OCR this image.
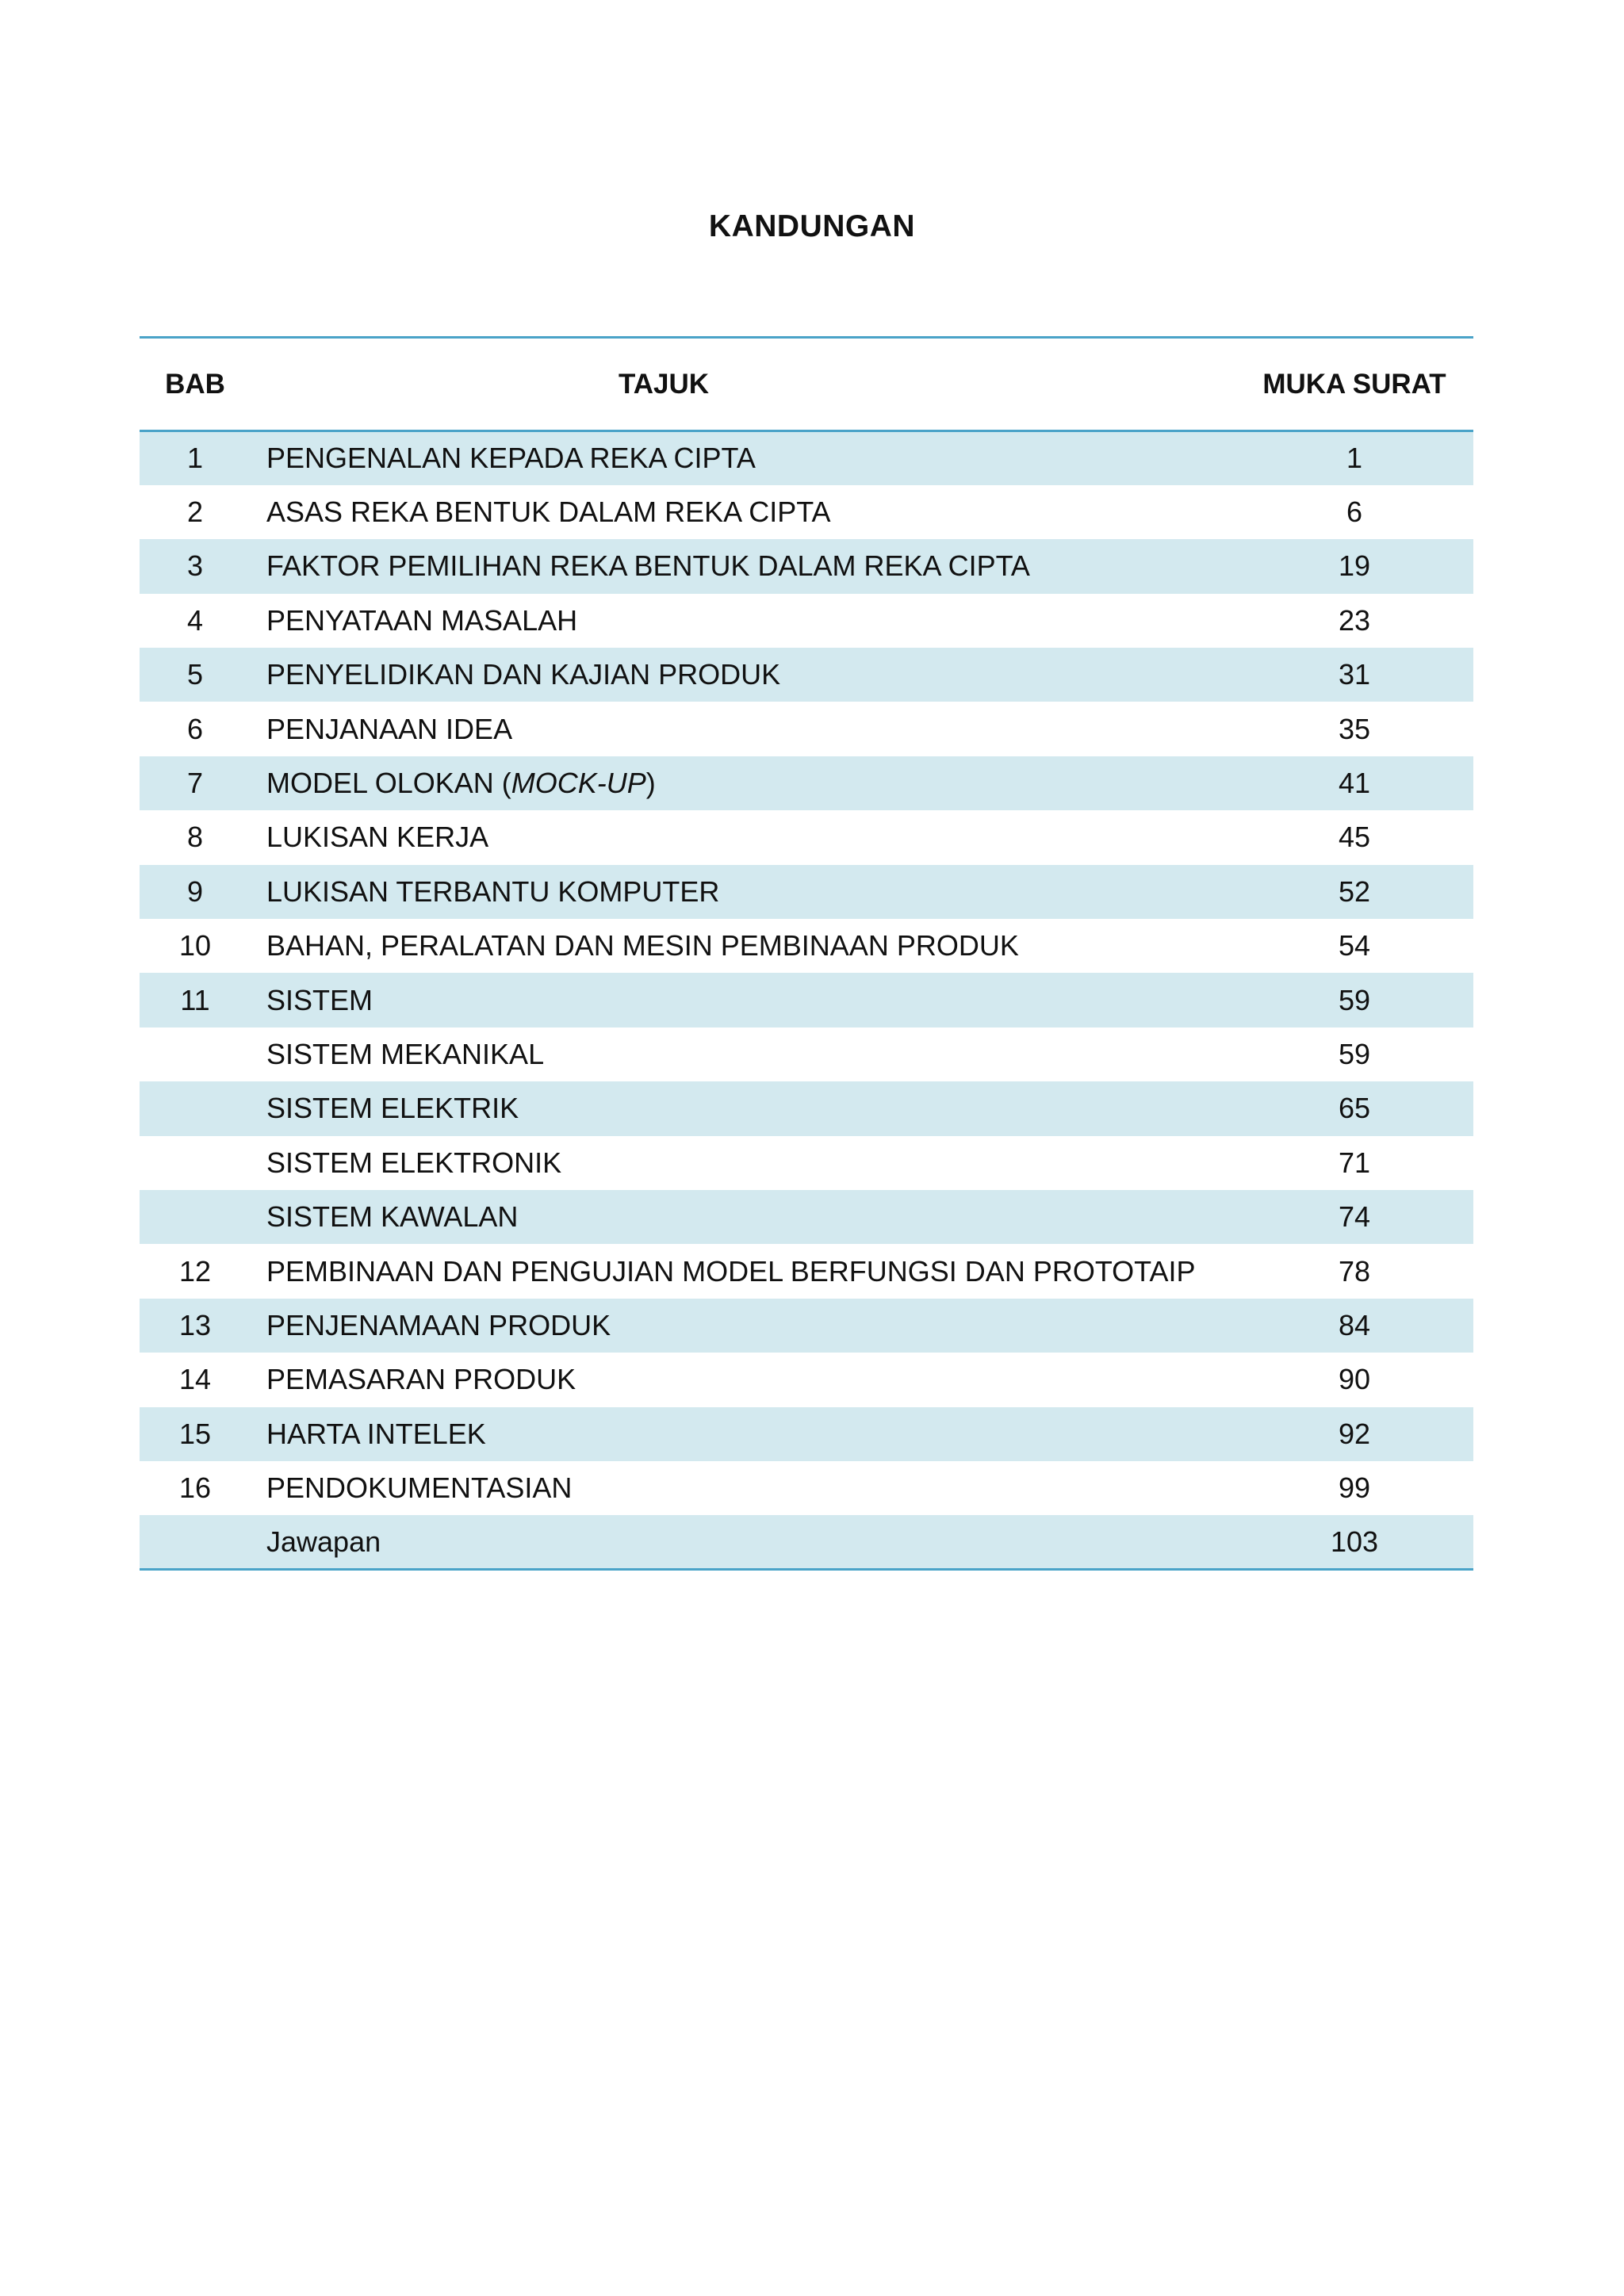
KANDUNGAN
BAB	TAJUK	MUKA SURAT
1	PENGENALAN KEPADA REKA CIPTA	1
2	ASAS REKA BENTUK DALAM REKA CIPTA	6
3	FAKTOR PEMILIHAN REKA BENTUK DALAM REKA CIPTA	19
4	PENYATAAN MASALAH	23
5	PENYELIDIKAN DAN KAJIAN PRODUK	31
6	PENJANAAN IDEA	35
7	MODEL OLOKAN (MOCK-UP)	41
8	LUKISAN KERJA	45
9	LUKISAN TERBANTU KOMPUTER	52
10	BAHAN, PERALATAN DAN MESIN PEMBINAAN PRODUK	54
11	SISTEM	59
	SISTEM MEKANIKAL	59
	SISTEM ELEKTRIK	65
	SISTEM ELEKTRONIK	71
	SISTEM KAWALAN	74
12	PEMBINAAN DAN PENGUJIAN MODEL BERFUNGSI DAN PROTOTAIP	78
13	PENJENAMAAN PRODUK	84
14	PEMASARAN PRODUK	90
15	HARTA INTELEK	92
16	PENDOKUMENTASIAN	99
	Jawapan	103
